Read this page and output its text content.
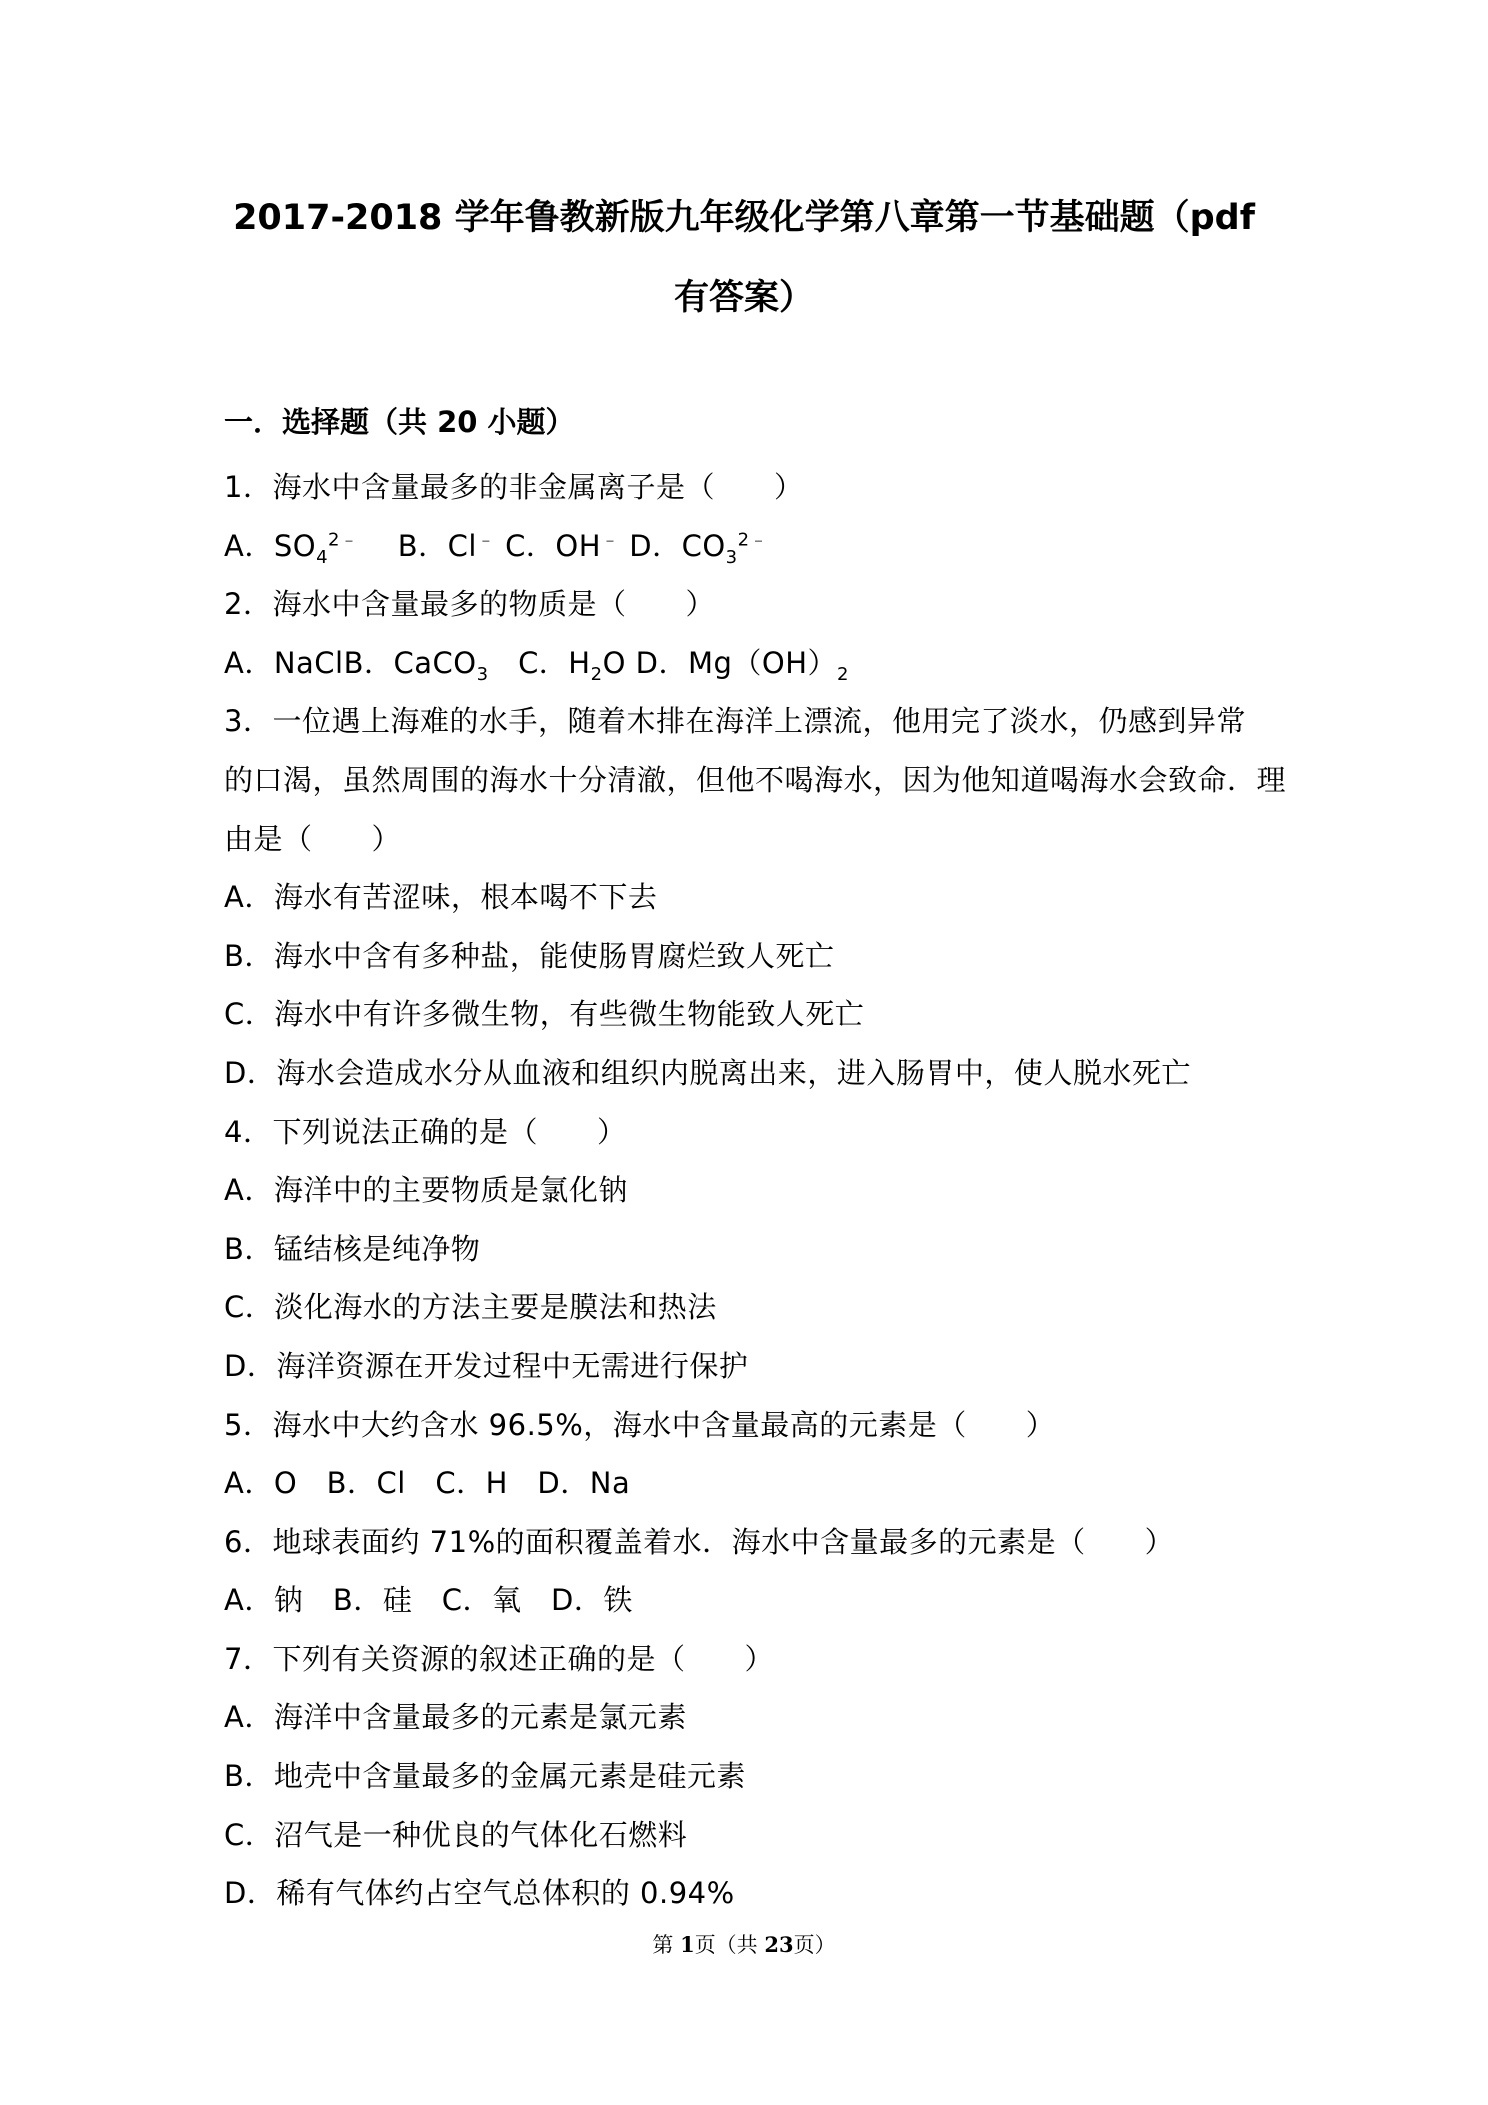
2017-2018 学年鲁教新版九年级化学第八章第一节基础题（pdf
有答案）
一．选择题（共 20 小题）
1．海水中含量最多的非金属离子是（　　）
A．$SO_4^{2﹣}$ 　B．Cl﹣ C．OH﹣ D．$CO_3^{2﹣}$
2．海水中含量最多的物质是（　　）
A．NaClB．CaCO$_3$　C．$H_2O$ D．$Mg(OH)_2$
3．一位遇上海难的水手，随着木排在海洋上漂流，他用完了淡水，仍感到异常
的口渴，虽然周围的海水十分清澈，但他不喝海水，因为他知道喝海水会致命．理
由是（　　）
A．海水有苦涩味，根本喝不下去
B．海水中含有多种盐，能使肠胃腐烂致人死亡
C．海水中有许多微生物，有些微生物能致人死亡
D．海水会造成水分从血液和组织内脱离出来，进入肠胃中，使人脱水死亡
4．下列说法正确的是（　　）
A．海洋中的主要物质是氯化钠
B．锰结核是纯净物
C．淡化海水的方法主要是膜法和热法
D．海洋资源在开发过程中无需进行保护
5．海水中大约含水 96.5%，海水中含量最高的元素是（　　）
A．O　B．Cl　C．H　D．Na
6．地球表面约 71%的面积覆盖着水．海水中含量最多的元素是（　　）
A．钠　B．硅　C．氧　D．铁
7．下列有关资源的叙述正确的是（　　）
A．海洋中含量最多的元素是氯元素
B．地壳中含量最多的金属元素是硅元素
C．沼气是一种优良的气体化石燃料
D．稀有气体约占空气总体积的 0.94%
第 1页（共 23页）
